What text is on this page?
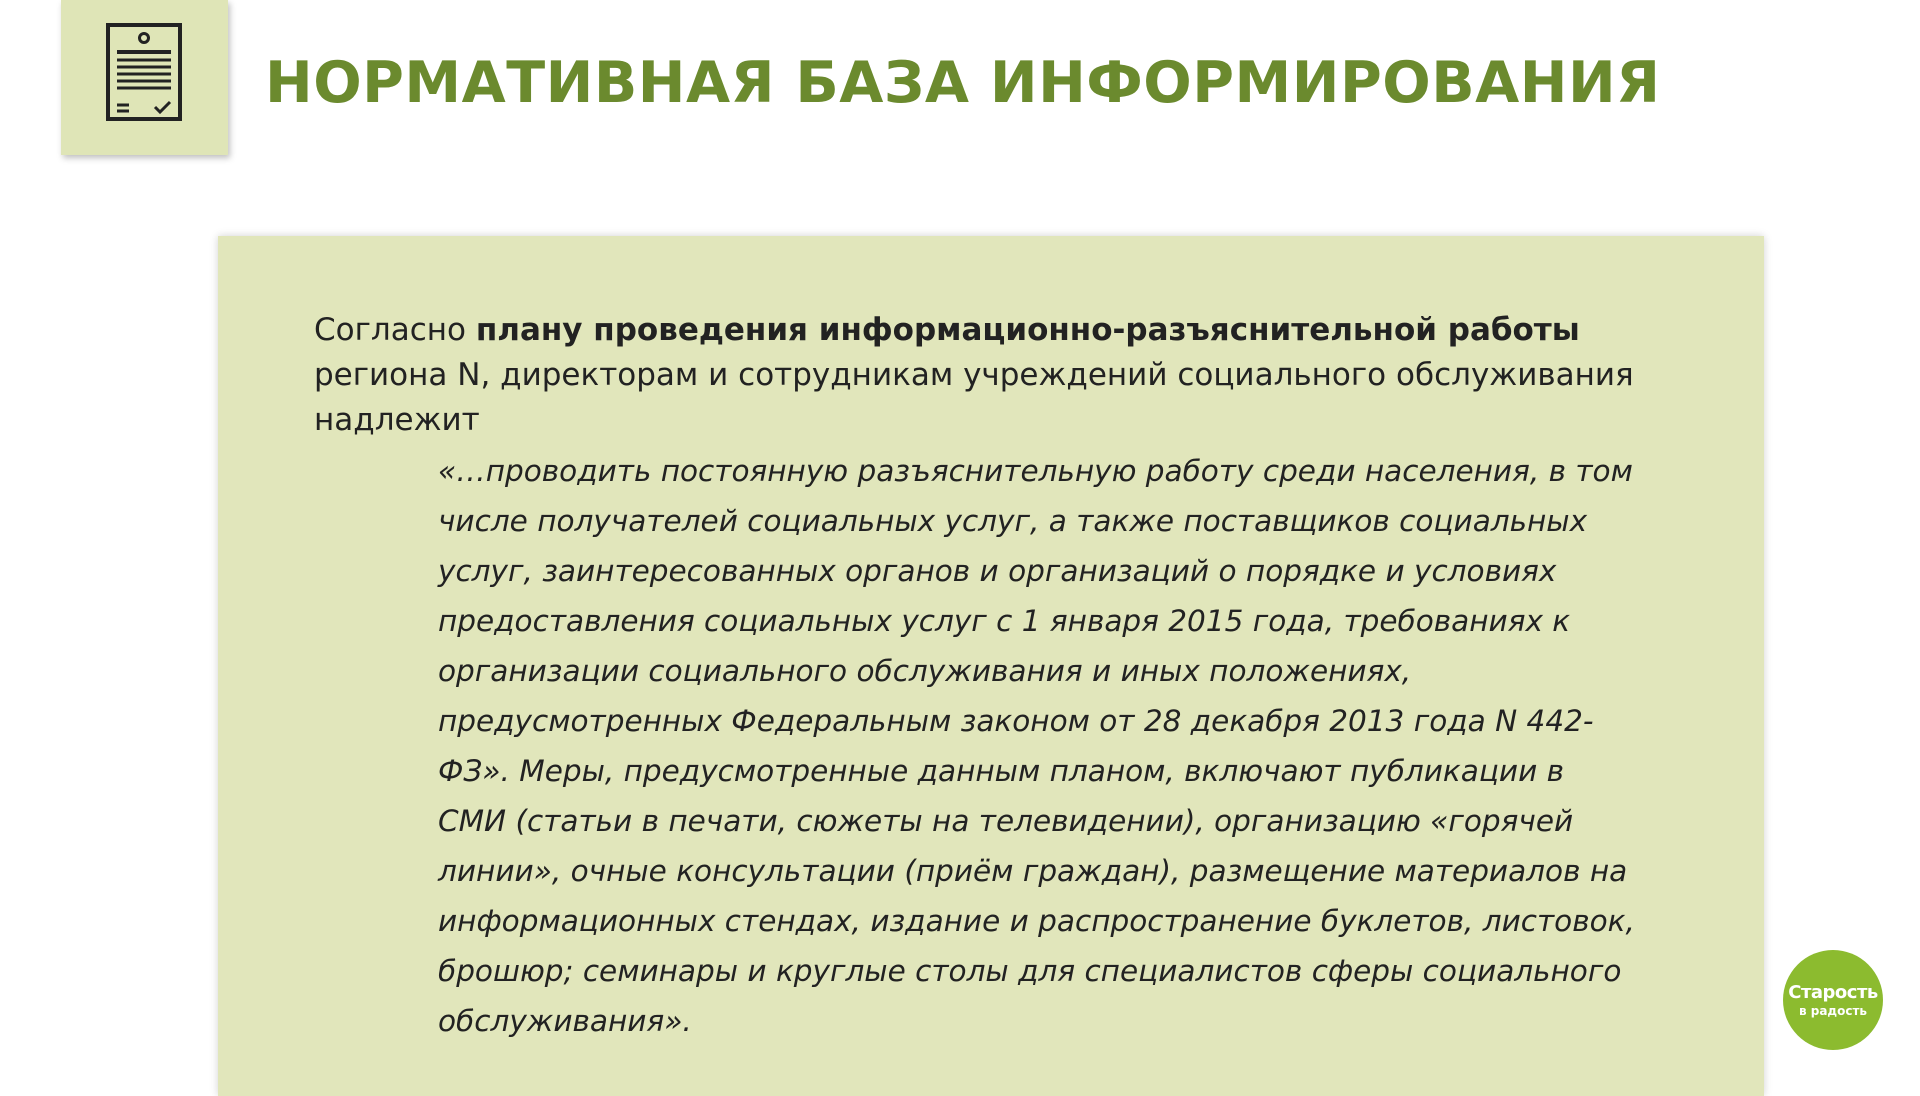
НОРМАТИВНАЯ БАЗА ИНФОРМИРОВАНИЯ

Согласно плану проведения информационно-разъяснительной работы региона N, директорам и сотрудникам учреждений социального обслуживания надлежит

«…проводить постоянную разъяснительную работу среди населения, в том числе получателей социальных услуг, а также поставщиков социальных услуг, заинтересованных органов и организаций о порядке и условиях предоставления социальных услуг с 1 января 2015 года, требованиях к организации социального обслуживания и иных положениях, предусмотренных Федеральным законом от 28 декабря 2013 года N 442-ФЗ». Меры, предусмотренные данным планом, включают публикации в СМИ (статьи в печати, сюжеты на телевидении), организацию «горячей линии», очные консультации (приём граждан), размещение материалов на информационных стендах, издание и распространение буклетов, листовок, брошюр; семинары и круглые столы для специалистов сферы социального обслуживания».

Старость
в радость
